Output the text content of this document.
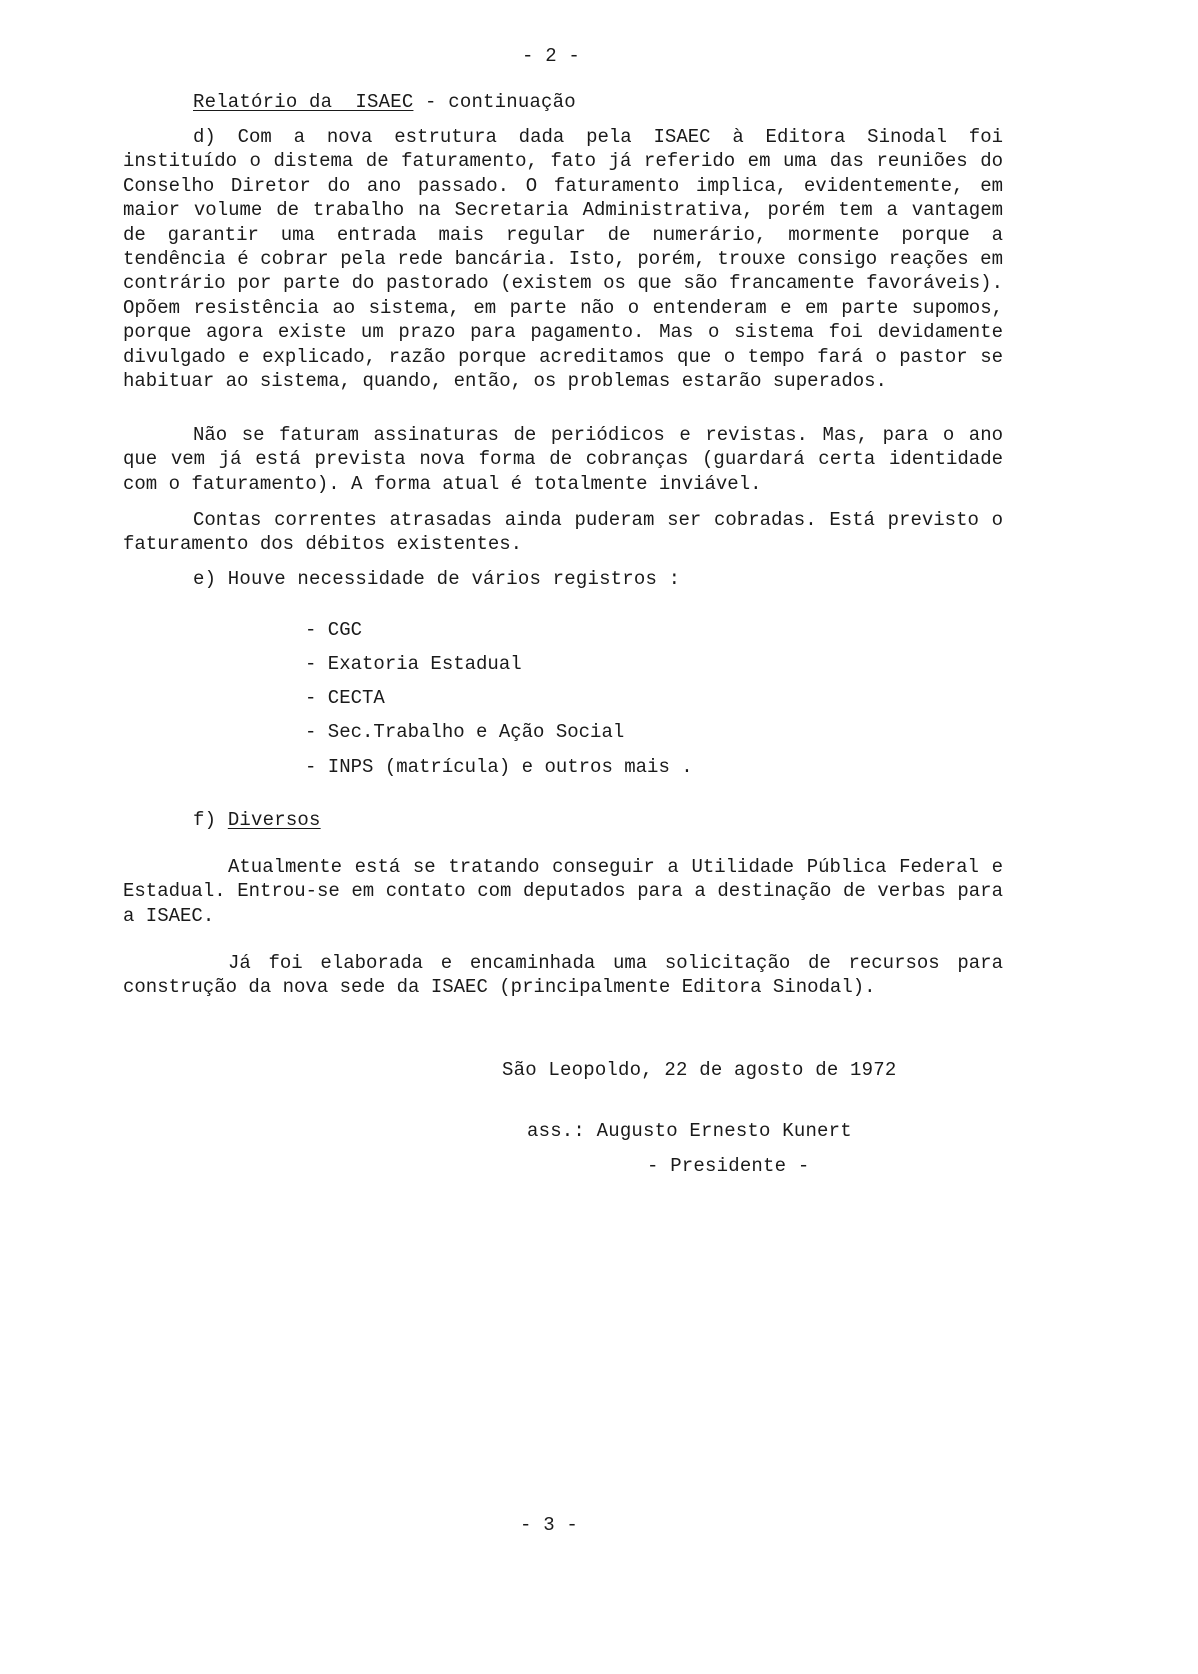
- 2 -
Relatório da  ISAEC - continuação
d) Com a nova estrutura dada pela ISAEC à Editora Sinodal foi instituído o distema de faturamento, fato já referido em uma das reuniões do Conselho Diretor do ano passado. O faturamento implica, evidentemente, em maior volume de trabalho na Secretaria Administrativa, porém tem a vantagem de garantir uma entrada mais regular de numerário, mormente porque a tendência é cobrar pela rede bancária. Isto, porém, trouxe consigo reações em contrário por parte do pastorado (existem os que são francamente favoráveis). Opõem resistência ao sistema, em parte não o entenderam e em parte supomos, porque agora existe um prazo para pagamento. Mas o sistema foi devidamente divulgado e explicado, razão porque acreditamos que o tempo fará o pastor se habituar ao sistema, quando, então, os problemas estarão superados.
Não se faturam assinaturas de periódicos e revistas. Mas, para o ano que vem já está prevista nova forma de cobranças (guardará certa identidade com o faturamento). A forma atual é totalmente inviável.
Contas correntes atrasadas ainda puderam ser cobradas. Está previsto o faturamento dos débitos existentes.
e) Houve necessidade de vários registros :
- CGC
- Exatoria Estadual
- CECTA
- Sec.Trabalho e Ação Social
- INPS (matrícula) e outros mais .
f) Diversos
Atualmente está se tratando conseguir a Utilidade Pública Federal e Estadual. Entrou-se em contato com deputados para a destinação de verbas para a ISAEC.
Já foi elaborada e encaminhada uma solicitação de recursos para construção da nova sede da ISAEC (principalmente Editora Sinodal).
São Leopoldo, 22 de agosto de 1972
ass.: Augusto Ernesto Kunert
- Presidente -
- 3 -
